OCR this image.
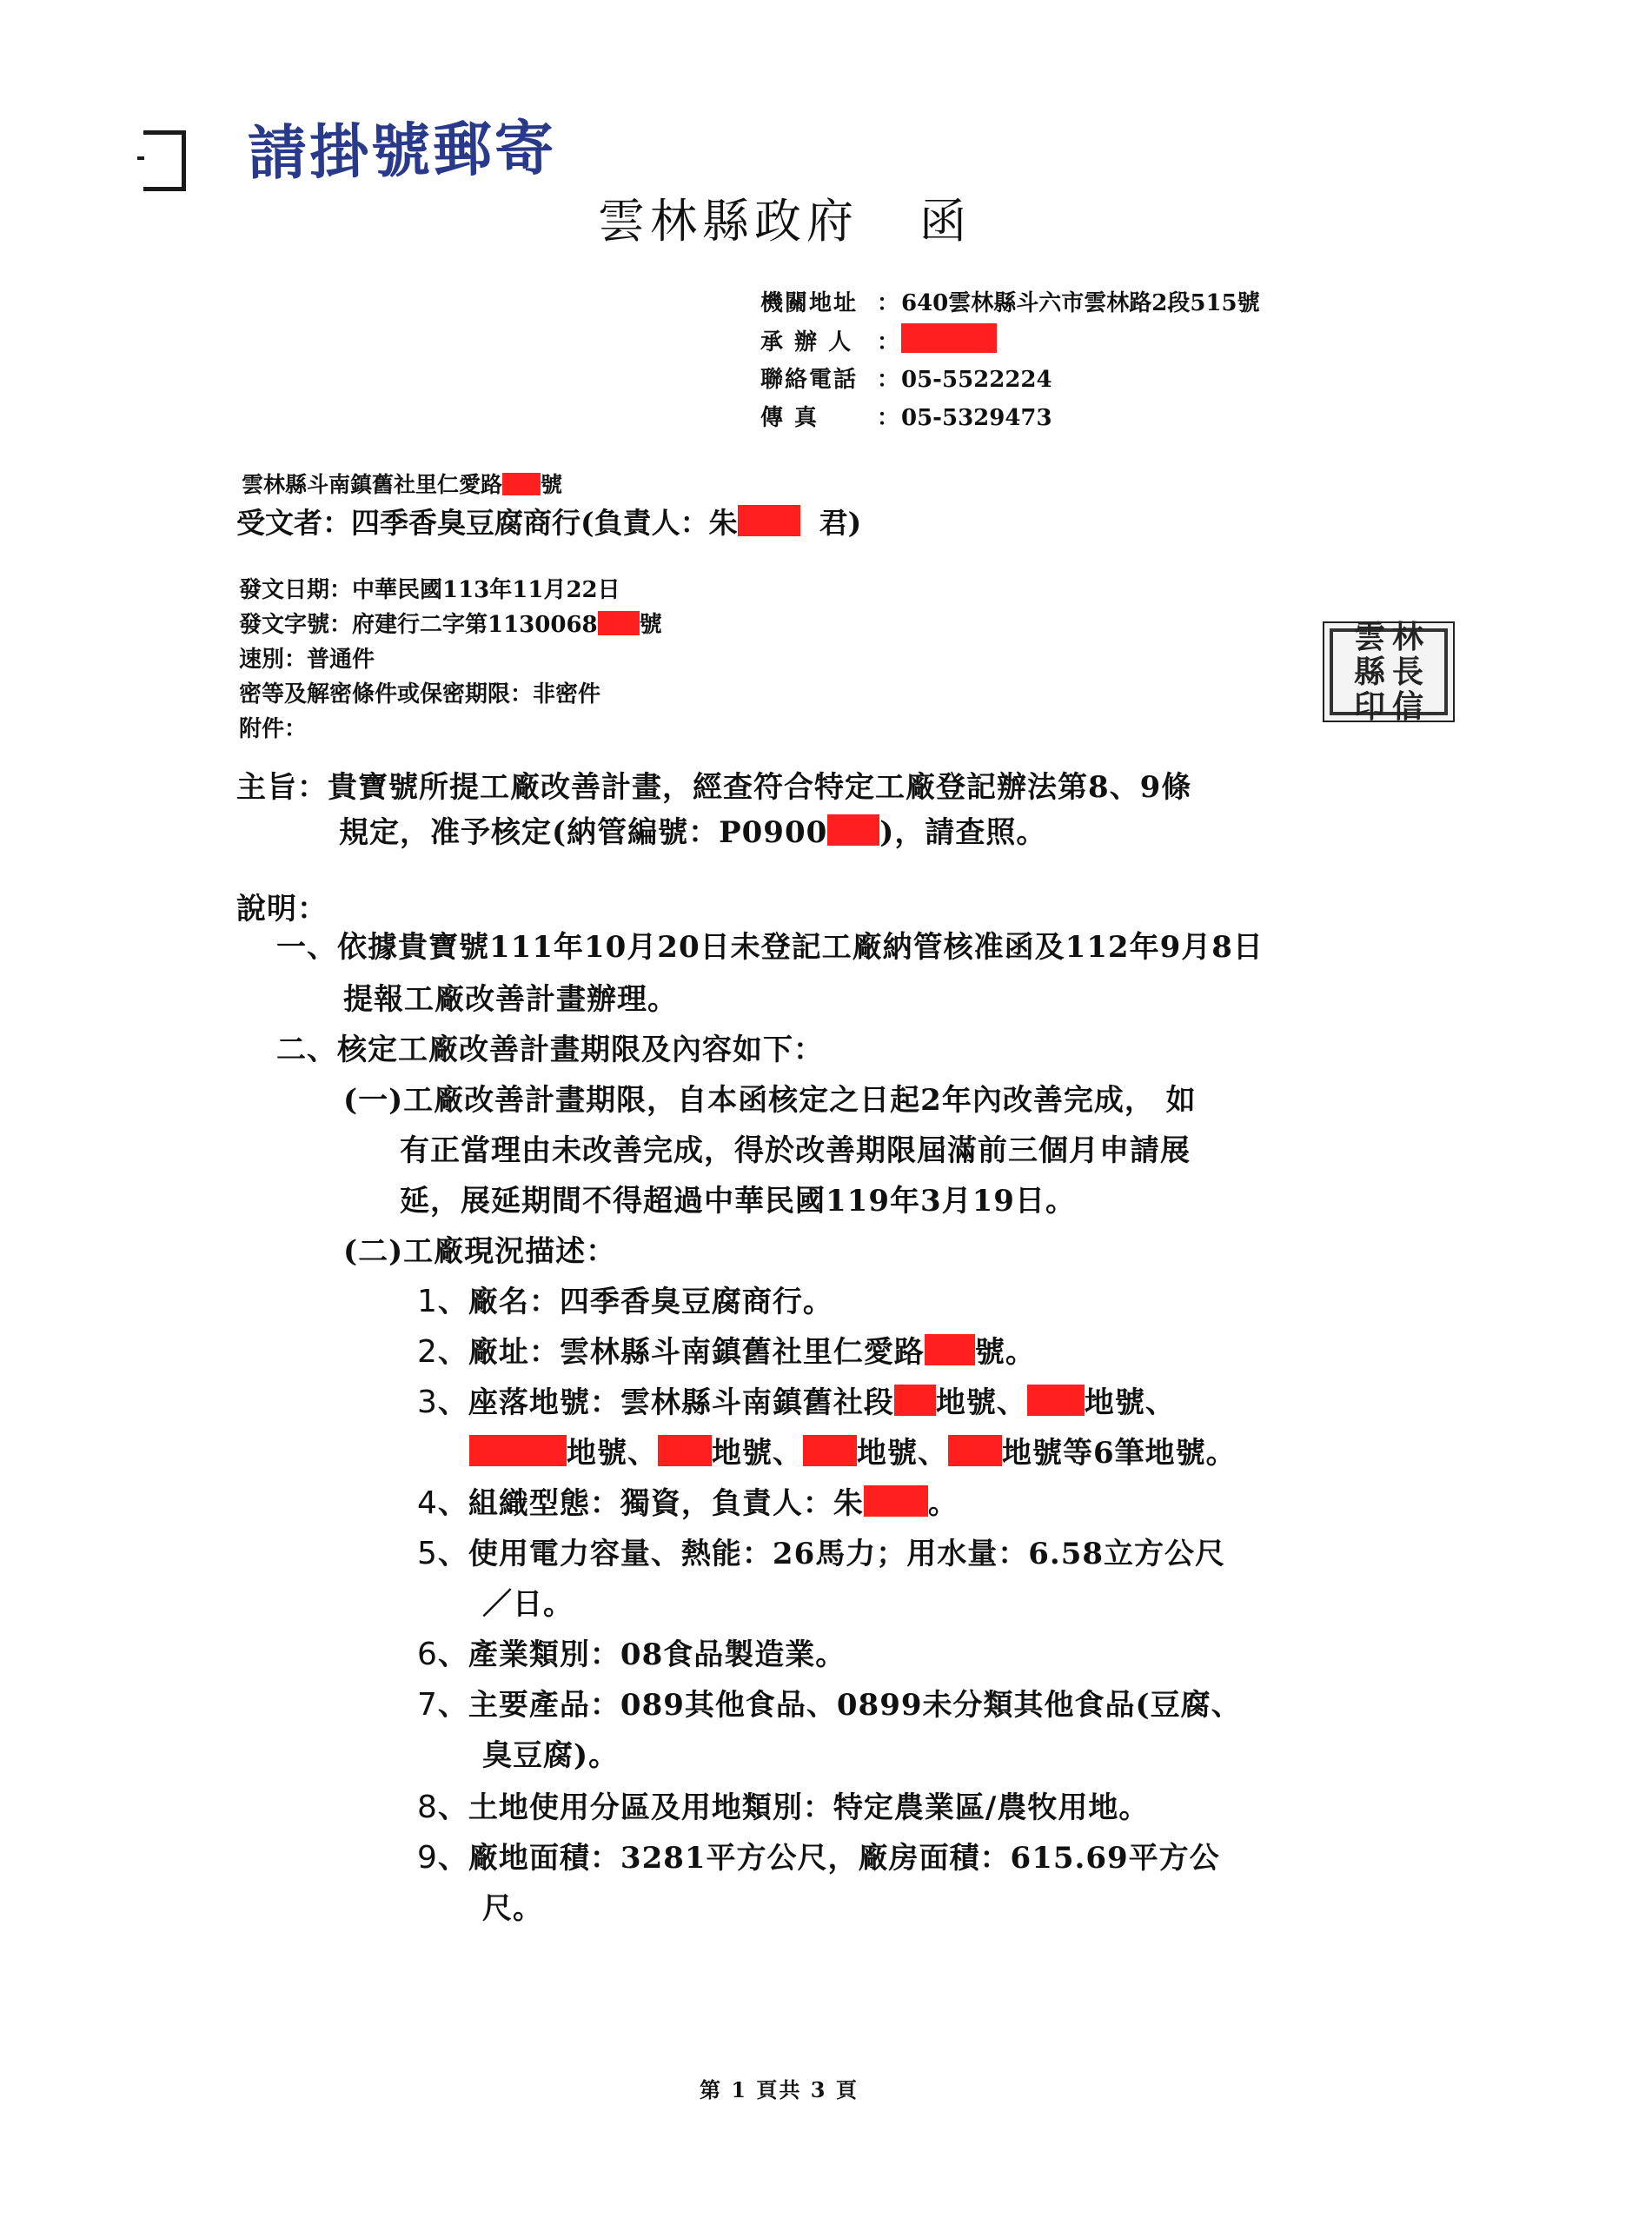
請掛號郵寄
雲林縣政府 函
機關地址 ：640雲林縣斗六市雲林路2段515號
承 辦 人 ：
聯絡電話 ：05-5522224
傳 真	：05-5329473
雲林縣斗南鎮舊社里仁愛路 號
受文者：四季香臭豆腐商行(負責人：朱	君)
發文日期：中華民國113年11月22日
發文字號：府建行二字第1130068 號
速別：普通件
密等及解密條件或保密期限：非密件
附件：
雲 林
縣 長
印 信
主旨：貴寶號所提工廠改善計畫，經查符合特定工廠登記辦法第8、9條
規定，准予核定(納管編號：P0900 )，請查照。
說明：
一、依據貴寶號111年10月20日未登記工廠納管核准函及112年9月8日
提報工廠改善計畫辦理。
二、核定工廠改善計畫期限及內容如下：
(一)工廠改善計畫期限，自本函核定之日起2年內改善完成， 如
有正當理由未改善完成，得於改善期限屆滿前三個月申請展
延，展延期間不得超過中華民國119年3月19日。
(二)工廠現況描述：
1、廠名：四季香臭豆腐商行。
2、廠址：雲林縣斗南鎮舊社里仁愛路 號。
3、座落地號：雲林縣斗南鎮舊社段 地號、 地號、
地號、 地號、 地號、 地號等6筆地號。
4、組織型態：獨資，負責人：朱 。
5、使用電力容量、熱能：26馬力；用水量：6.58立方公尺
／日。
6、產業類別：08食品製造業。
7、主要產品：089其他食品、0899未分類其他食品(豆腐、
臭豆腐)。
8、土地使用分區及用地類別：特定農業區/農牧用地。
9、廠地面積：3281平方公尺，廠房面積：615.69平方公
尺。
第 1 頁共 3 頁
